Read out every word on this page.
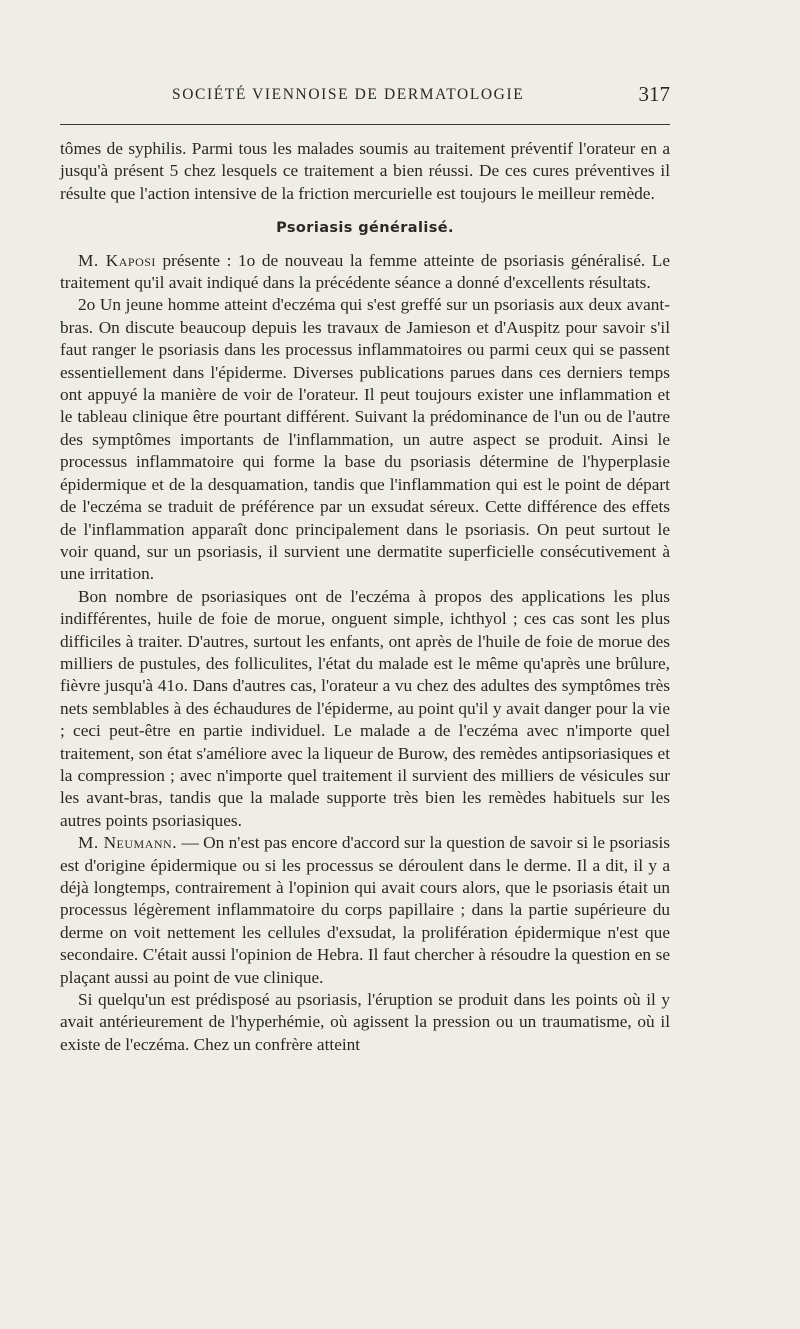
SOCIÉTÉ VIENNOISE DE DERMATOLOGIE	317

tômes de syphilis. Parmi tous les malades soumis au traitement préventif l'orateur en a jusqu'à présent 5 chez lesquels ce traitement a bien réussi. De ces cures préventives il résulte que l'action intensive de la friction mercurielle est toujours le meilleur remède.

Psoriasis généralisé.

M. Kaposi présente : 1o de nouveau la femme atteinte de psoriasis généralisé. Le traitement qu'il avait indiqué dans la précédente séance a donné d'excellents résultats.

2o Un jeune homme atteint d'eczéma qui s'est greffé sur un psoriasis aux deux avant-bras. On discute beaucoup depuis les travaux de Jamieson et d'Auspitz pour savoir s'il faut ranger le psoriasis dans les processus inflammatoires ou parmi ceux qui se passent essentiellement dans l'épiderme. Diverses publications parues dans ces derniers temps ont appuyé la manière de voir de l'orateur. Il peut toujours exister une inflammation et le tableau clinique être pourtant différent. Suivant la prédominance de l'un ou de l'autre des symptômes importants de l'inflammation, un autre aspect se produit. Ainsi le processus inflammatoire qui forme la base du psoriasis détermine de l'hyperplasie épidermique et de la desquamation, tandis que l'inflammation qui est le point de départ de l'eczéma se traduit de préférence par un exsudat séreux. Cette différence des effets de l'inflammation apparaît donc principalement dans le psoriasis. On peut surtout le voir quand, sur un psoriasis, il survient une dermatite superficielle consécutivement à une irritation.

Bon nombre de psoriasiques ont de l'eczéma à propos des applications les plus indifférentes, huile de foie de morue, onguent simple, ichthyol ; ces cas sont les plus difficiles à traiter. D'autres, surtout les enfants, ont après de l'huile de foie de morue des milliers de pustules, des folliculites, l'état du malade est le même qu'après une brûlure, fièvre jusqu'à 41o. Dans d'autres cas, l'orateur a vu chez des adultes des symptômes très nets semblables à des échaudures de l'épiderme, au point qu'il y avait danger pour la vie ; ceci peut-être en partie individuel. Le malade a de l'eczéma avec n'importe quel traitement, son état s'améliore avec la liqueur de Burow, des remèdes antipsoriasiques et la compression ; avec n'importe quel traitement il survient des milliers de vésicules sur les avant-bras, tandis que la malade supporte très bien les remèdes habituels sur les autres points psoriasiques.

M. Neumann. — On n'est pas encore d'accord sur la question de savoir si le psoriasis est d'origine épidermique ou si les processus se déroulent dans le derme. Il a dit, il y a déjà longtemps, contrairement à l'opinion qui avait cours alors, que le psoriasis était un processus légèrement inflammatoire du corps papillaire ; dans la partie supérieure du derme on voit nettement les cellules d'exsudat, la prolifération épidermique n'est que secondaire. C'était aussi l'opinion de Hebra. Il faut chercher à résoudre la question en se plaçant aussi au point de vue clinique.

Si quelqu'un est prédisposé au psoriasis, l'éruption se produit dans les points où il y avait antérieurement de l'hyperhémie, où agissent la pression ou un traumatisme, où il existe de l'eczéma. Chez un confrère atteint
